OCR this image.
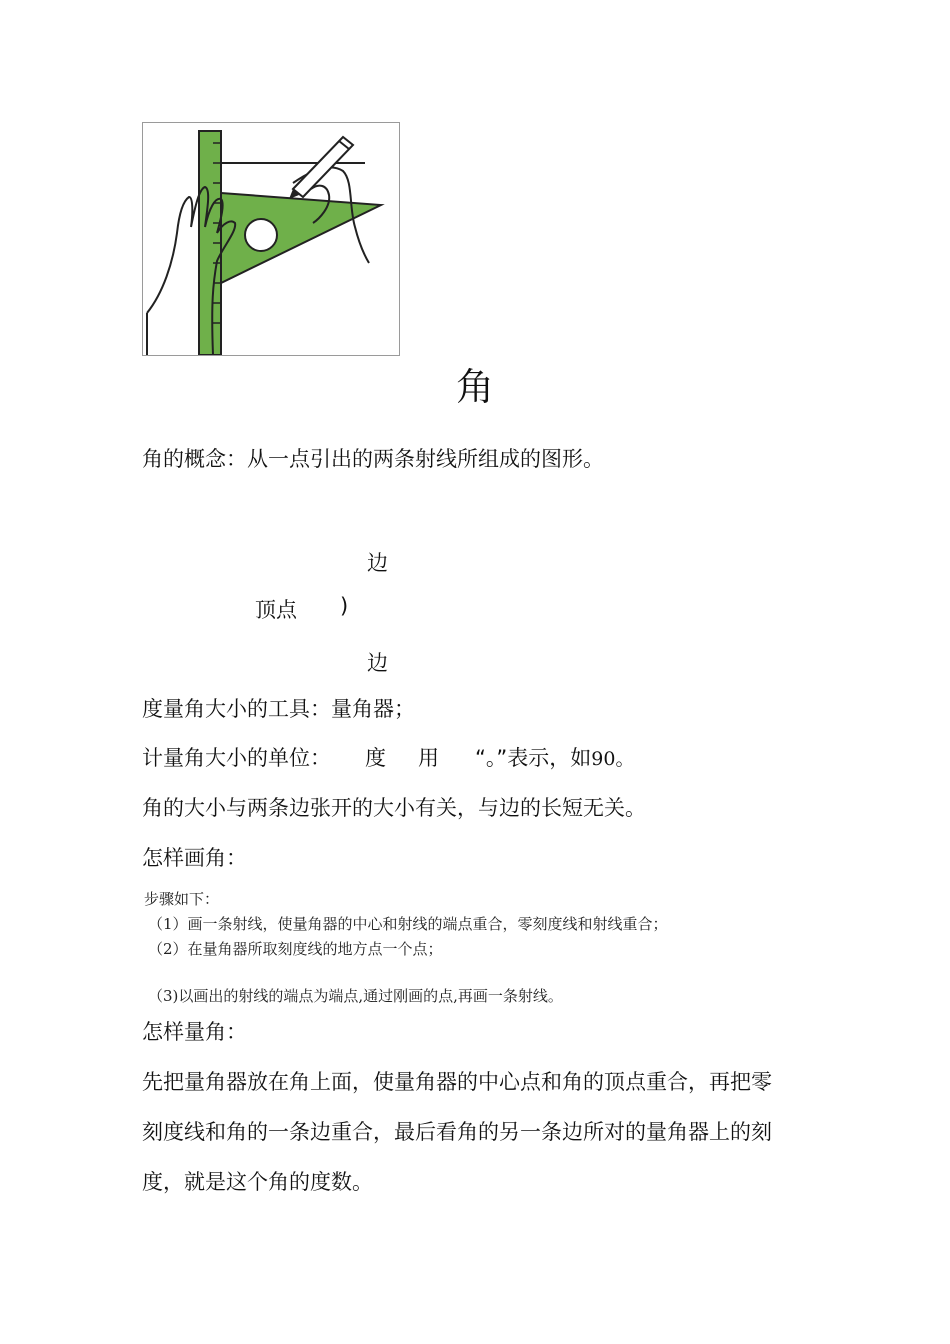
角
角的概念：从一点引出的两条射线所组成的图形。
边
顶点 )
边
度量角大小的工具：量角器；
计量角大小的单位： 度 用 “。”表示，如90。
角的大小与两条边张开的大小有关，与边的长短无关。
怎样画角：
步骤如下：
（1）画一条射线，使量角器的中心和射线的端点重合，零刻度线和射线重合；
（2）在量角器所取刻度线的地方点一个点；
（3)以画出的射线的端点为端点,通过刚画的点,再画一条射线。
怎样量角：
先把量角器放在角上面，使量角器的中心点和角的顶点重合，再把零
刻度线和角的一条边重合，最后看角的另一条边所对的量角器上的刻
度，就是这个角的度数。
